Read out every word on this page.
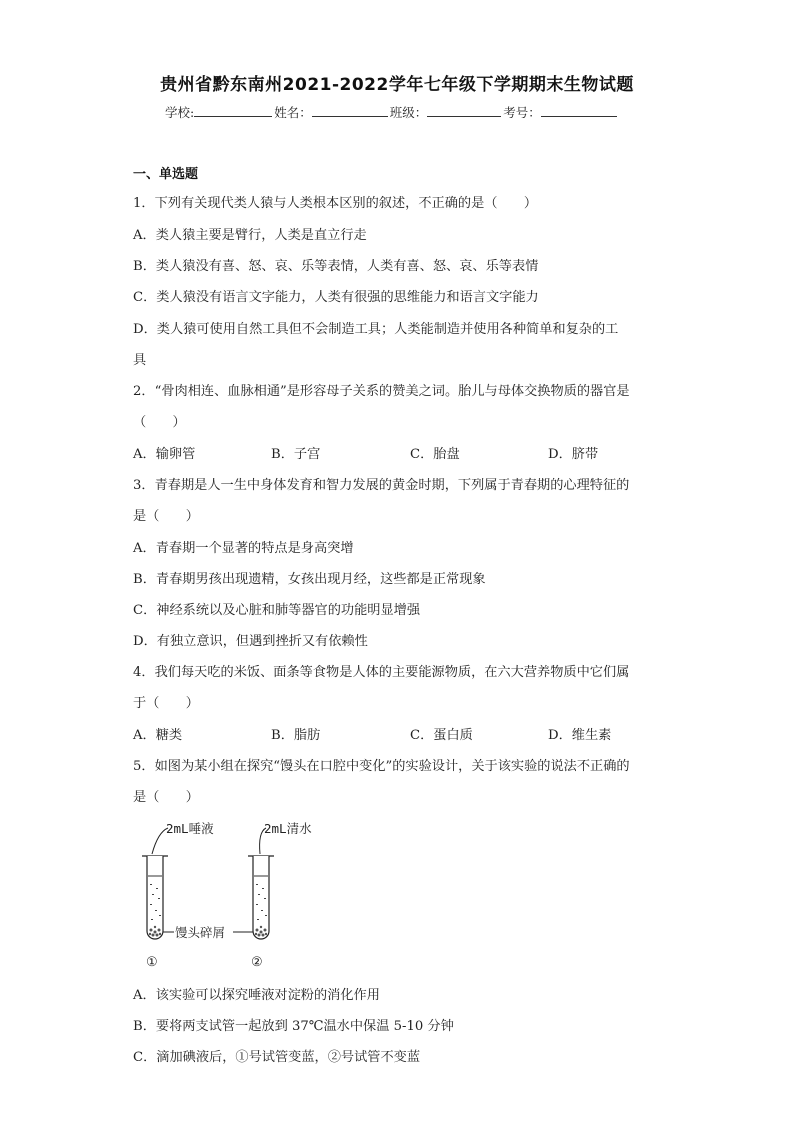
贵州省黔东南州2021-2022学年七年级下学期期末生物试题
学校:	姓名：	班级：	考号：
一、单选题
1．下列有关现代类人猿与人类根本区别的叙述，不正确的是（　　）
A．类人猿主要是臂行，人类是直立行走
B．类人猿没有喜、怒、哀、乐等表情，人类有喜、怒、哀、乐等表情
C．类人猿没有语言文字能力，人类有很强的思维能力和语言文字能力
D．类人猿可使用自然工具但不会制造工具；人类能制造并使用各种简单和复杂的工
具
2．“骨肉相连、血脉相通”是形容母子关系的赞美之词。胎儿与母体交换物质的器官是
（　　）
A．输卵管	B．子宫	C．胎盘	D．脐带
3．青春期是人一生中身体发育和智力发展的黄金时期，下列属于青春期的心理特征的
是（　　）
A．青春期一个显著的特点是身高突增
B．青春期男孩出现遗精，女孩出现月经，这些都是正常现象
C．神经系统以及心脏和肺等器官的功能明显增强
D．有独立意识，但遇到挫折又有依赖性
4．我们每天吃的米饭、面条等食物是人体的主要能源物质，在六大营养物质中它们属
于（　　）
A．糖类	B．脂肪	C．蛋白质	D．维生素
5．如图为某小组在探究“馒头在口腔中变化”的实验设计，关于该实验的说法不正确的
是（　　）
2mL唾液	2mL清水
馒头碎屑
①	②
A．该实验可以探究唾液对淀粉的消化作用
B．要将两支试管一起放到 37℃温水中保温 5-10 分钟
C．滴加碘液后，①号试管变蓝，②号试管不变蓝
